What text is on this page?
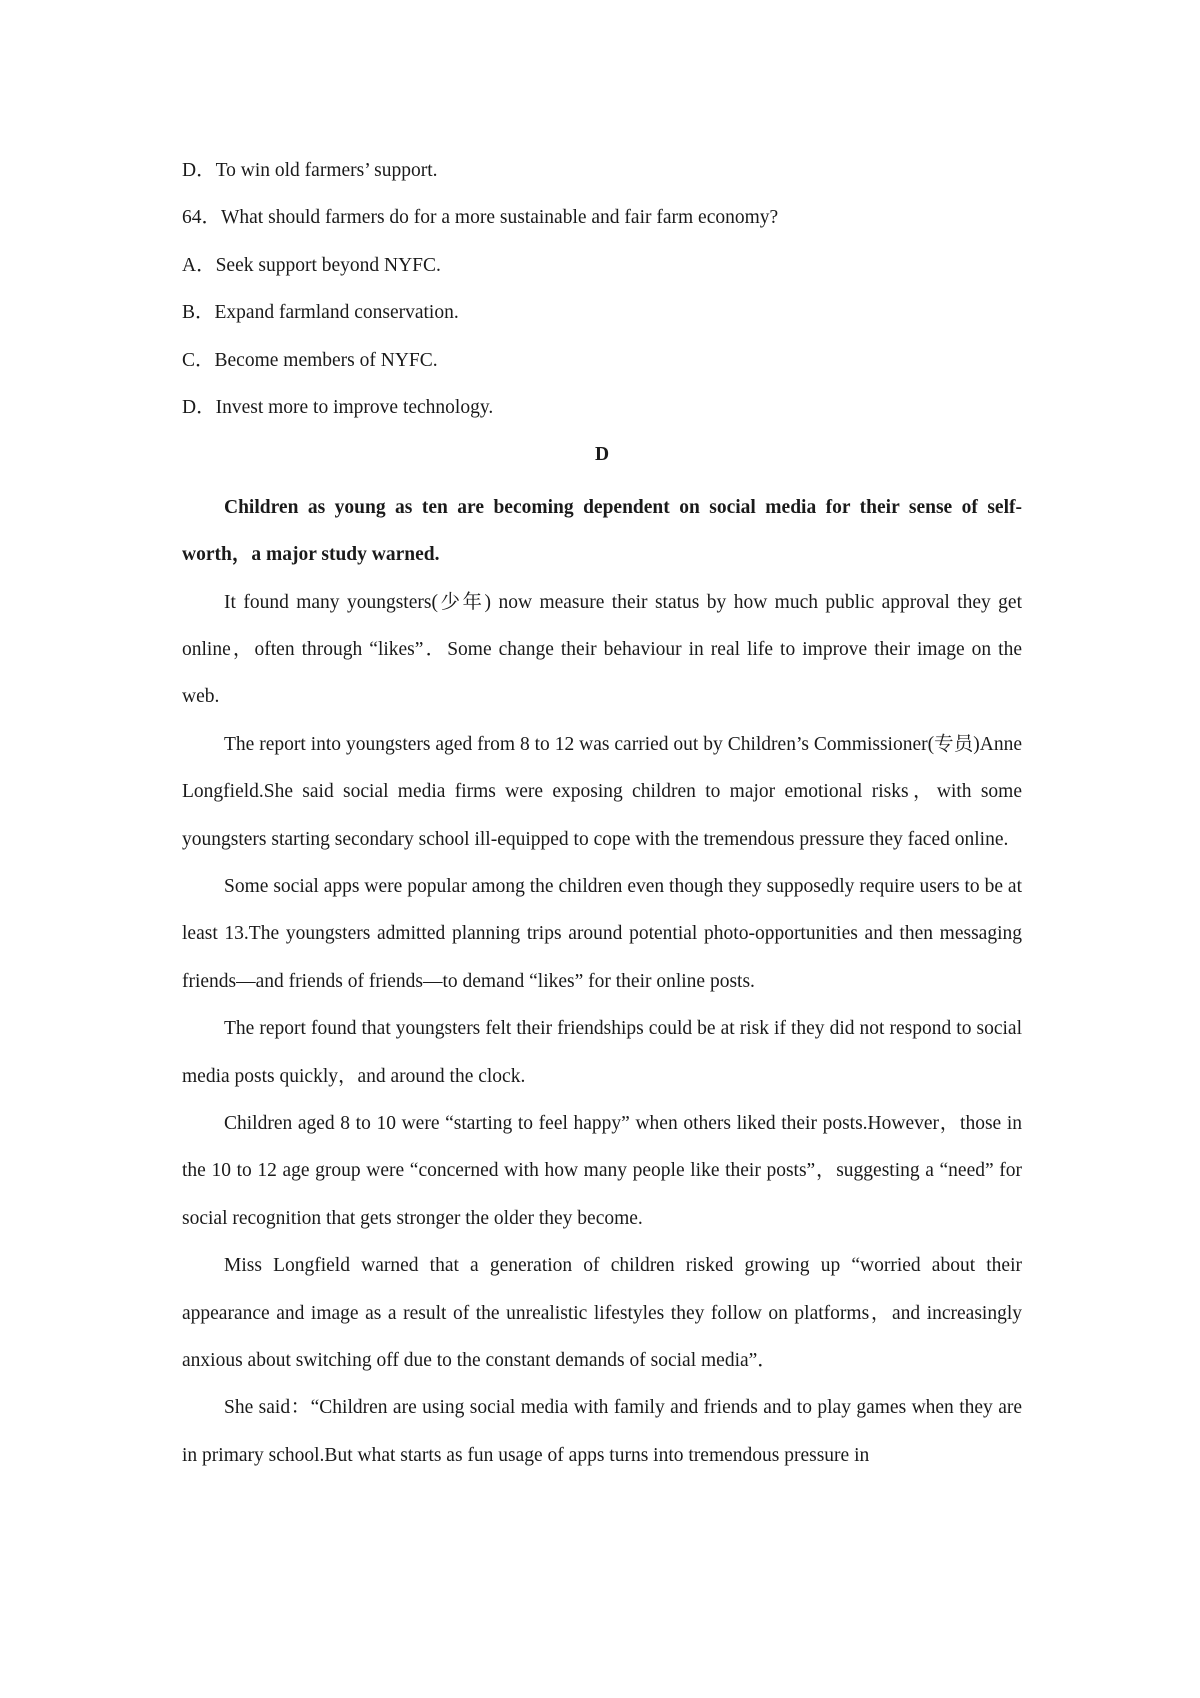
D．To win old farmers’ support.

64．What should farmers do for a more sustainable and fair farm economy?

A．Seek support beyond NYFC.

B．Expand farmland conservation.

C．Become members of NYFC.

D．Invest more to improve technology.

D

Children as young as ten are becoming dependent on social media for their sense of self-worth，a major study warned.

It found many youngsters(少年) now measure their status by how much public approval they get online，often through “likes”．Some change their behaviour in real life to improve their image on the web.

The report into youngsters aged from 8 to 12 was carried out by Children’s Commissioner(专员)Anne Longfield.She said social media firms were exposing children to major emotional risks，with some youngsters starting secondary school ill-equipped to cope with the tremendous pressure they faced online.

Some social apps were popular among the children even though they supposedly require users to be at least 13.The youngsters admitted planning trips around potential photo-opportunities and then messaging friends—and friends of friends—to demand “likes” for their online posts.

The report found that youngsters felt their friendships could be at risk if they did not respond to social media posts quickly，and around the clock.

Children aged 8 to 10 were “starting to feel happy” when others liked their posts.However，those in the 10 to 12 age group were “concerned with how many people like their posts”，suggesting a “need” for social recognition that gets stronger the older they become.

Miss Longfield warned that a generation of children risked growing up “worried about their appearance and image as a result of the unrealistic lifestyles they follow on platforms，and increasingly anxious about switching off due to the constant demands of social media”．

She said：“Children are using social media with family and friends and to play games when they are in primary school.But what starts as fun usage of apps turns into tremendous pressure in
